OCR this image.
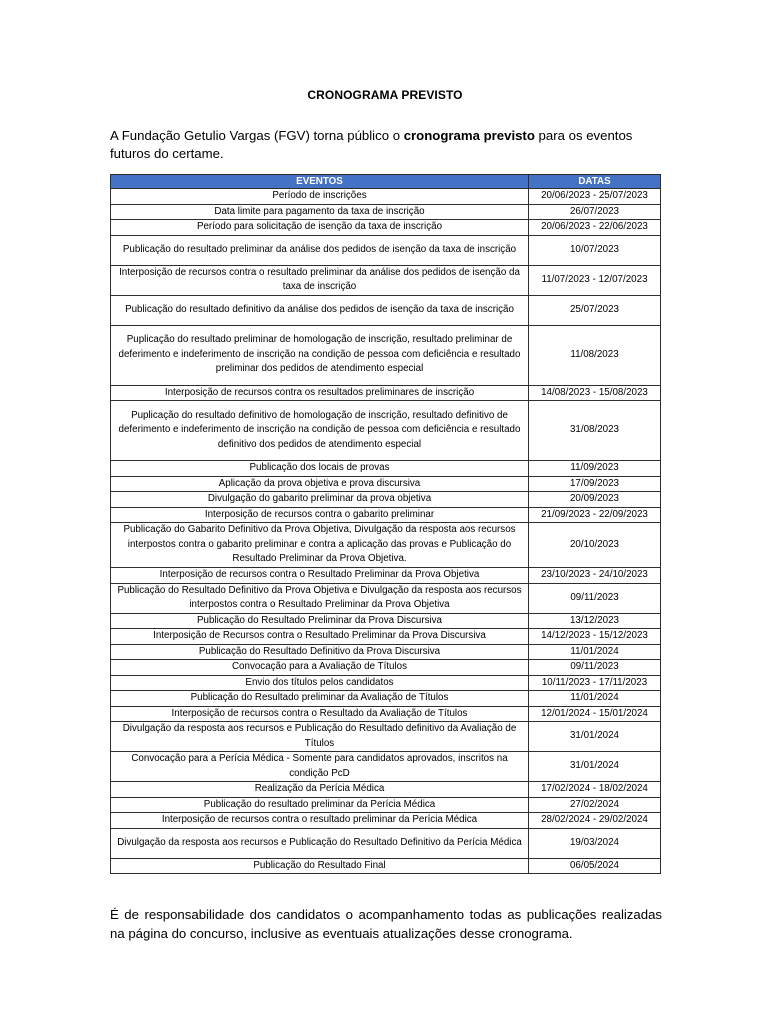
CRONOGRAMA PREVISTO

A Fundação Getulio Vargas (FGV) torna público o cronograma previsto para os eventos futuros do certame.

EVENTOS	DATAS
Período de inscrições	20/06/2023 - 25/07/2023
Data limite para pagamento da taxa de inscrição	26/07/2023
Período para solicitação de isenção da taxa de inscrição	20/06/2023 - 22/06/2023
Publicação do resultado preliminar da análise dos pedidos de isenção da taxa de inscrição	10/07/2023
Interposição de recursos contra o resultado preliminar da análise dos pedidos de isenção da taxa de inscrição	11/07/2023 - 12/07/2023
Publicação do resultado definitivo da análise dos pedidos de isenção da taxa de inscrição	25/07/2023
Puplicação do resultado preliminar de homologação de inscrição, resultado preliminar de deferimento e indeferimento de inscrição na condição de pessoa com deficiência e resultado preliminar dos pedidos de atendimento especial	11/08/2023
Interposição de recursos contra os resultados preliminares de inscrição	14/08/2023 - 15/08/2023
Puplicação do resultado definitivo de homologação de inscrição, resultado definitivo de deferimento e indeferimento de inscrição na condição de pessoa com deficiência e resultado definitivo dos pedidos de atendimento especial	31/08/2023
Publicação dos locais de provas	11/09/2023
Aplicação da prova objetiva e prova discursiva	17/09/2023
Divulgação do gabarito preliminar da prova objetiva	20/09/2023
Interposição de recursos contra o gabarito preliminar	21/09/2023 - 22/09/2023
Publicação do Gabarito Definitivo da Prova Objetiva, Divulgação da resposta aos recursos interpostos contra o gabarito preliminar e contra a aplicação das provas e Publicação do Resultado Preliminar da Prova Objetiva.	20/10/2023
Interposição de recursos contra o Resultado Preliminar da Prova Objetiva	23/10/2023 - 24/10/2023
Publicação do Resultado Definitivo da Prova Objetiva e Divulgação da resposta aos recursos interpostos contra o Resultado Preliminar da Prova Objetiva	09/11/2023
Publicação do Resultado Preliminar da Prova Discursiva	13/12/2023
Interposição de Recursos contra o Resultado Preliminar da Prova Discursiva	14/12/2023 - 15/12/2023
Publicação do Resultado Definitivo da Prova Discursiva	11/01/2024
Convocação para a Avaliação de Títulos	09/11/2023
Envio dos títulos pelos candidatos	10/11/2023 - 17/11/2023
Publicação do Resultado preliminar da Avaliação de Títulos	11/01/2024
Interposição de recursos contra o Resultado da Avaliação de Títulos	12/01/2024 - 15/01/2024
Divulgação da resposta aos recursos e Publicação do Resultado definitivo da Avaliação de Títulos	31/01/2024
Convocação para a Perícia Médica - Somente para candidatos aprovados, inscritos na condição PcD	31/01/2024
Realização da Perícia Médica	17/02/2024 - 18/02/2024
Publicação do resultado preliminar da Perícia Médica	27/02/2024
Interposição de recursos contra o resultado preliminar da Perícia Médica	28/02/2024 - 29/02/2024
Divulgação da resposta aos recursos e Publicação do Resultado Definitivo da Perícia Médica	19/03/2024
Publicação do Resultado Final	06/05/2024

É de responsabilidade dos candidatos o acompanhamento todas as publicações realizadas na página do concurso, inclusive as eventuais atualizações desse cronograma.
